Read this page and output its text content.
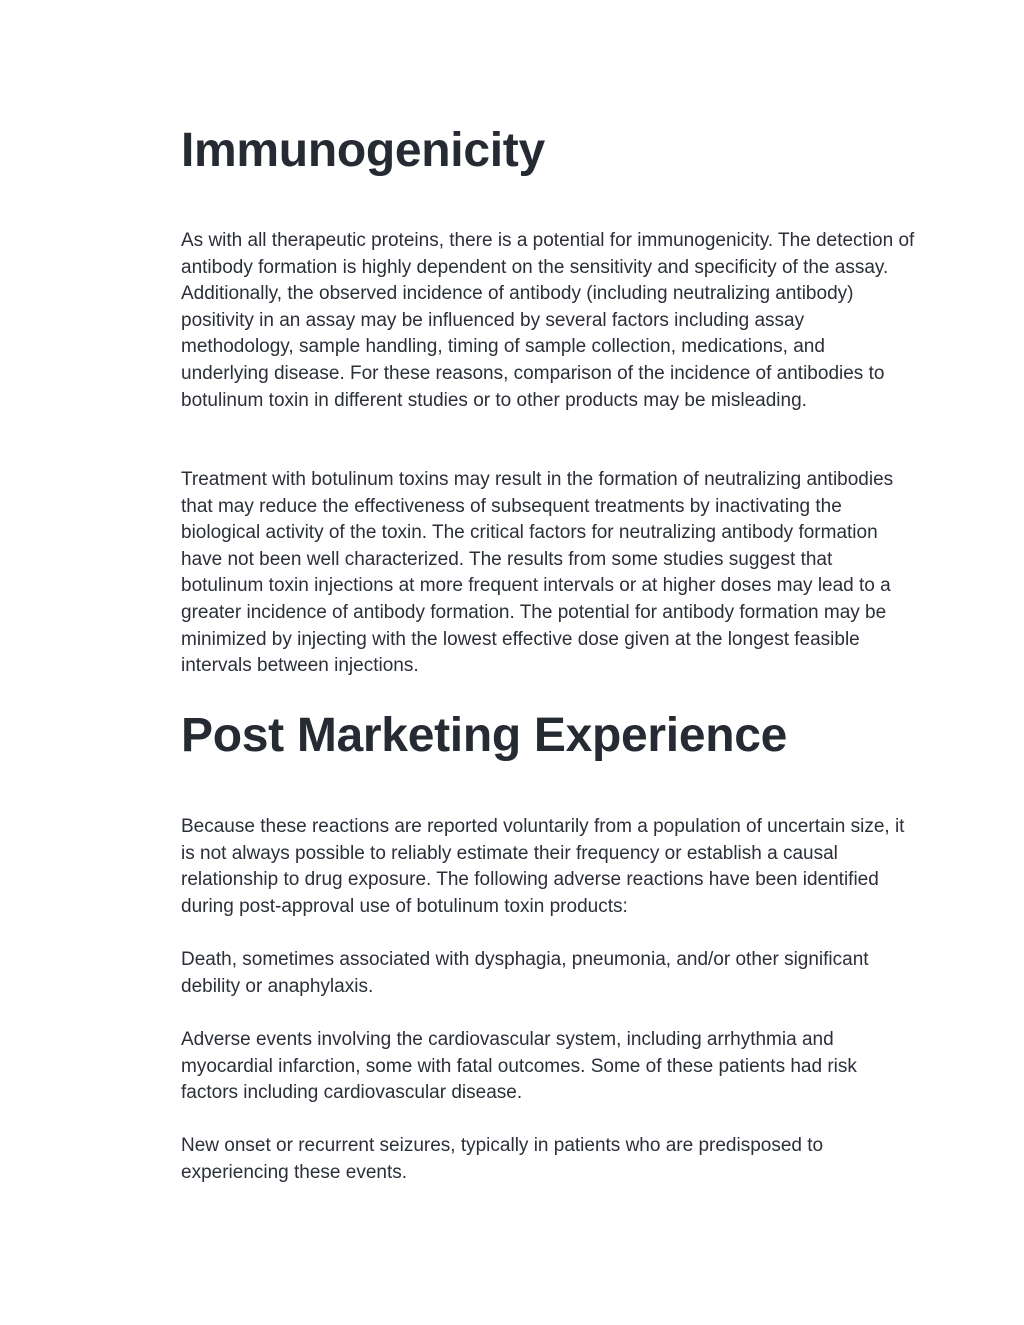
Immunogenicity

As with all therapeutic proteins, there is a potential for immunogenicity. The detection of antibody formation is highly dependent on the sensitivity and specificity of the assay. Additionally, the observed incidence of antibody (including neutralizing antibody) positivity in an assay may be influenced by several factors including assay methodology, sample handling, timing of sample collection, medications, and underlying disease. For these reasons, comparison of the incidence of antibodies to botulinum toxin in different studies or to other products may be misleading.

Treatment with botulinum toxins may result in the formation of neutralizing antibodies that may reduce the effectiveness of subsequent treatments by inactivating the biological activity of the toxin. The critical factors for neutralizing antibody formation have not been well characterized. The results from some studies suggest that botulinum toxin injections at more frequent intervals or at higher doses may lead to a greater incidence of antibody formation. The potential for antibody formation may be minimized by injecting with the lowest effective dose given at the longest feasible intervals between injections.

Post Marketing Experience

Because these reactions are reported voluntarily from a population of uncertain size, it is not always possible to reliably estimate their frequency or establish a causal relationship to drug exposure. The following adverse reactions have been identified during post-approval use of botulinum toxin products:

Death, sometimes associated with dysphagia, pneumonia, and/or other significant debility or anaphylaxis.

Adverse events involving the cardiovascular system, including arrhythmia and myocardial infarction, some with fatal outcomes. Some of these patients had risk factors including cardiovascular disease.

New onset or recurrent seizures, typically in patients who are predisposed to experiencing these events.
